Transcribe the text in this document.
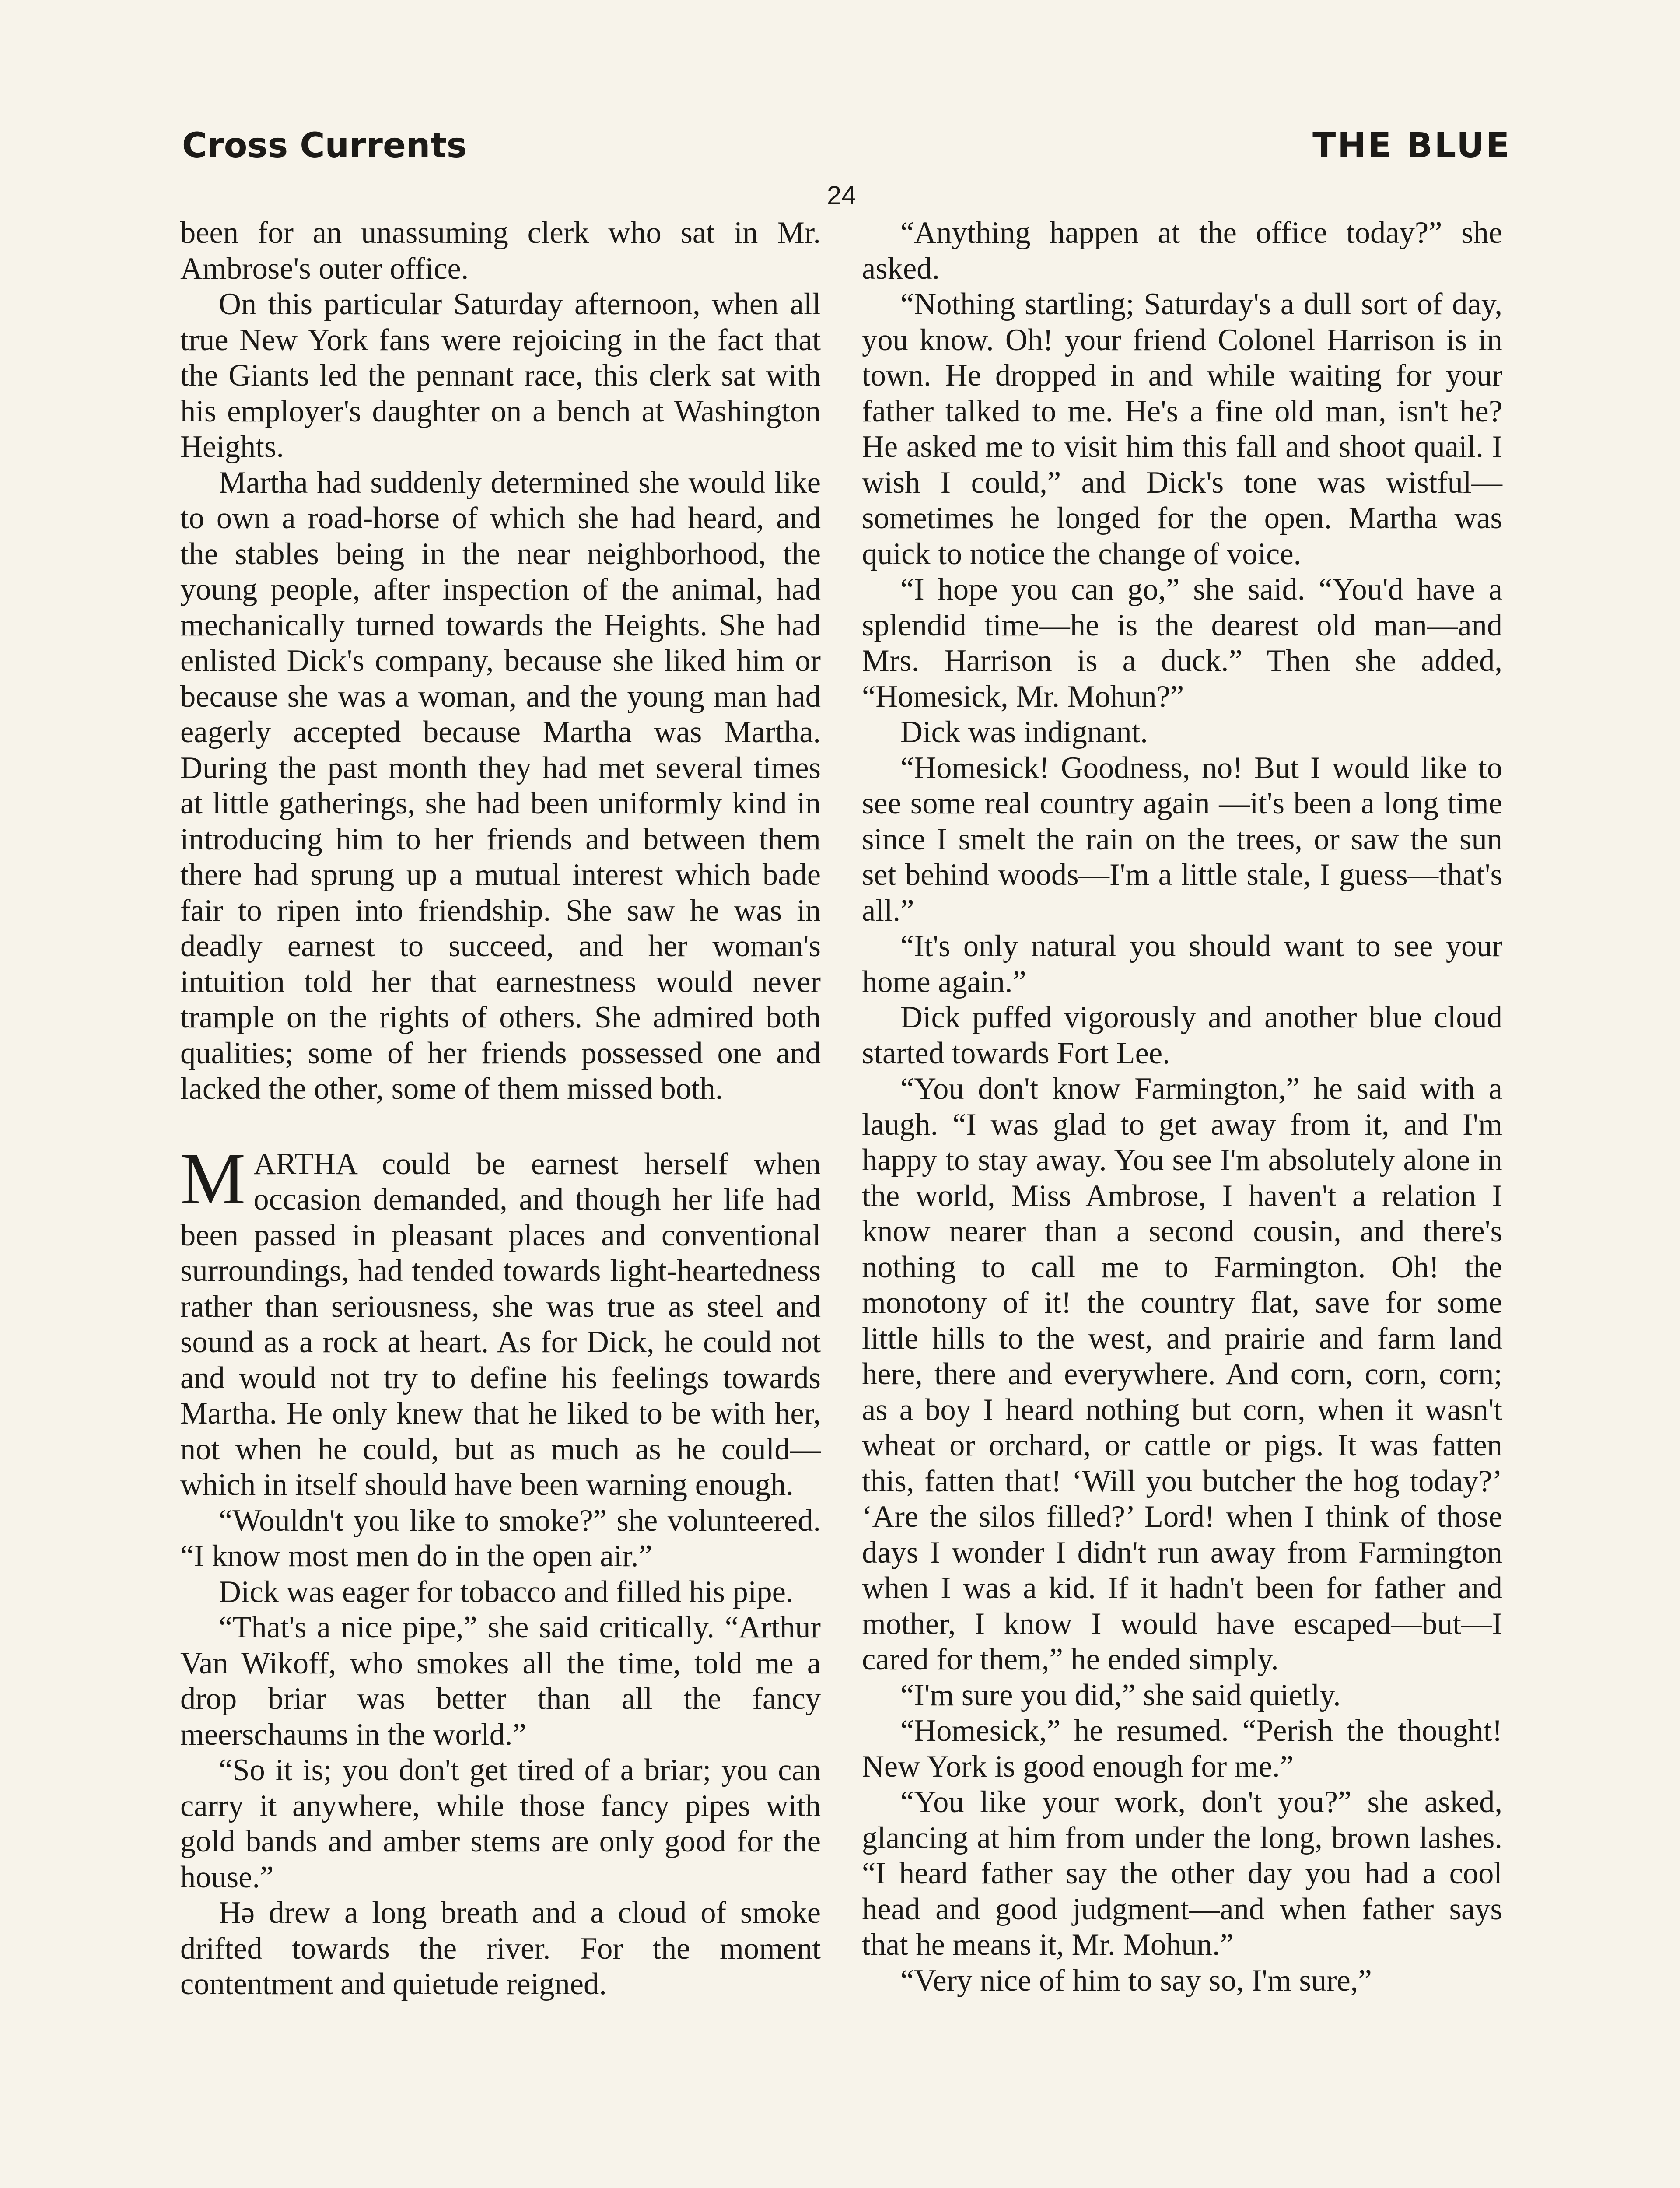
Cross Currents	THE BLUE
24

been for an unassuming clerk who sat in Mr. Ambrose's outer office.

On this particular Saturday afternoon, when all true New York fans were rejoicing in the fact that the Giants led the pennant race, this clerk sat with his employer's daughter on a bench at Washington Heights.

Martha had suddenly determined she would like to own a road-horse of which she had heard, and the stables being in the near neighborhood, the young people, after inspection of the animal, had mechanically turned towards the Heights. She had enlisted Dick's company, because she liked him or because she was a woman, and the young man had eagerly accepted because Martha was Martha. During the past month they had met several times at little gatherings, she had been uniformly kind in introducing him to her friends and between them there had sprung up a mutual interest which bade fair to ripen into friendship. She saw he was in deadly earnest to succeed, and her woman's intuition told her that earnestness would never trample on the rights of others. She admired both qualities; some of her friends possessed one and lacked the other, some of them missed both.

MARTHA could be earnest herself when occasion demanded, and though her life had been passed in pleasant places and conventional surroundings, had tended towards light-heartedness rather than seriousness, she was true as steel and sound as a rock at heart. As for Dick, he could not and would not try to define his feelings towards Martha. He only knew that he liked to be with her, not when he could, but as much as he could—which in itself should have been warning enough.

“Wouldn't you like to smoke?” she volunteered. “I know most men do in the open air.”

Dick was eager for tobacco and filled his pipe.

“That's a nice pipe,” she said critically. “Arthur Van Wikoff, who smokes all the time, told me a drop briar was better than all the fancy meerschaums in the world.”

“So it is; you don't get tired of a briar; you can carry it anywhere, while those fancy pipes with gold bands and amber stems are only good for the house.”

Hə drew a long breath and a cloud of smoke drifted towards the river. For the moment contentment and quietude reigned.

“Anything happen at the office today?” she asked.

“Nothing startling; Saturday's a dull sort of day, you know. Oh! your friend Colonel Harrison is in town. He dropped in and while waiting for your father talked to me. He's a fine old man, isn't he? He asked me to visit him this fall and shoot quail. I wish I could,” and Dick's tone was wistful—sometimes he longed for the open. Martha was quick to notice the change of voice.

“I hope you can go,” she said. “You'd have a splendid time—he is the dearest old man—and Mrs. Harrison is a duck.” Then she added, “Homesick, Mr. Mohun?”

Dick was indignant.

“Homesick! Goodness, no! But I would like to see some real country again —it's been a long time since I smelt the rain on the trees, or saw the sun set behind woods—I'm a little stale, I guess—that's all.”

“It's only natural you should want to see your home again.”

Dick puffed vigorously and another blue cloud started towards Fort Lee.

“You don't know Farmington,” he said with a laugh. “I was glad to get away from it, and I'm happy to stay away. You see I'm absolutely alone in the world, Miss Ambrose, I haven't a relation I know nearer than a second cousin, and there's nothing to call me to Farmington. Oh! the monotony of it! the country flat, save for some little hills to the west, and prairie and farm land here, there and everywhere. And corn, corn, corn; as a boy I heard nothing but corn, when it wasn't wheat or orchard, or cattle or pigs. It was fatten this, fatten that! ‘Will you butcher the hog today?’ ‘Are the silos filled?’ Lord! when I think of those days I wonder I didn't run away from Farmington when I was a kid. If it hadn't been for father and mother, I know I would have escaped—but—I cared for them,” he ended simply.

“I'm sure you did,” she said quietly.

“Homesick,” he resumed. “Perish the thought! New York is good enough for me.”

“You like your work, don't you?” she asked, glancing at him from under the long, brown lashes. “I heard father say the other day you had a cool head and good judgment—and when father says that he means it, Mr. Mohun.”

“Very nice of him to say so, I'm sure,”
